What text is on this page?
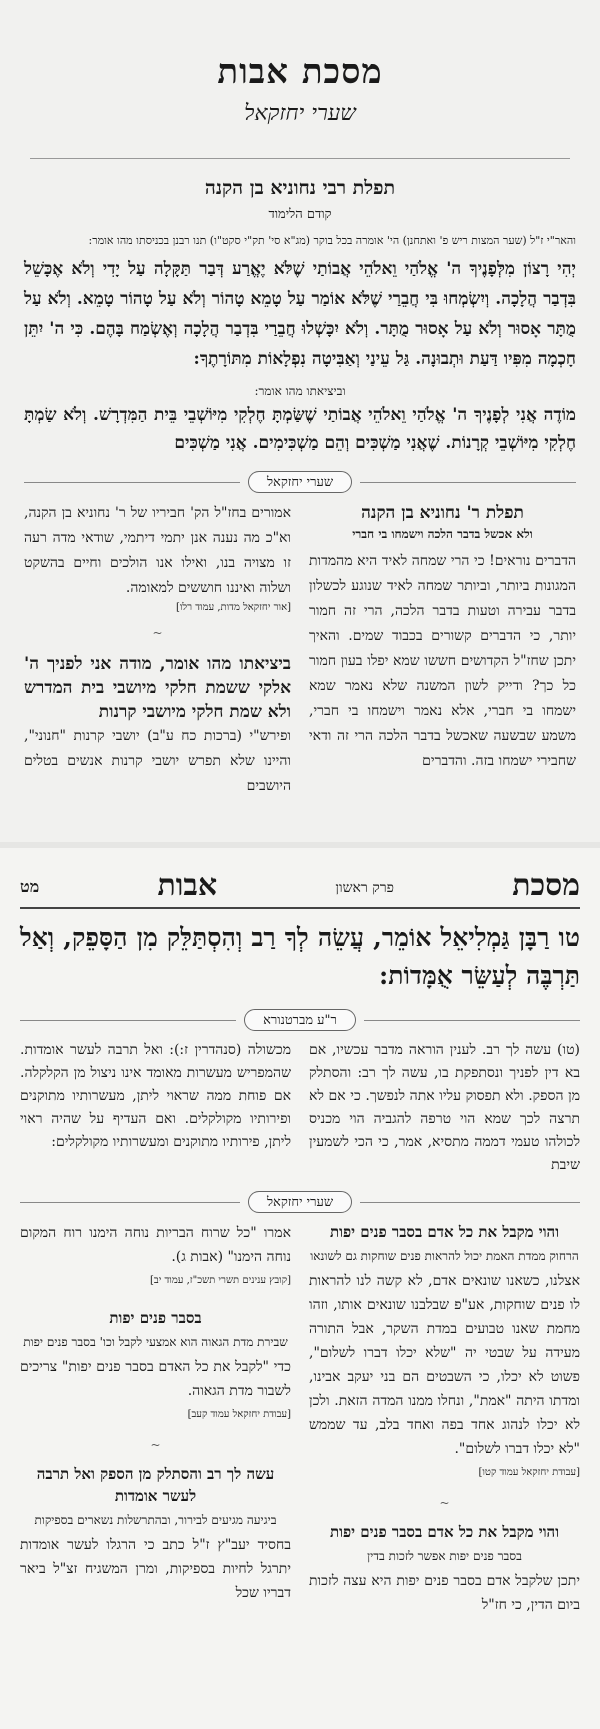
מסכת אבות
שערי יחזקאל
תפלת רבי נחוניא בן הקנה
קודם הלימוד
והאר"י ז"ל (שער המצות ריש פ' ואתחנן) הי' אומרה בכל בוקר (מג"א סי' תק"י סקט"ו) תנו רבנן בכניסתו מהו אומר:
יְהִי רָצוֹן מִלְּפָנֶיךָ ה' אֱלֹהַי וֵאלֹהֵי אֲבוֹתַי שֶׁלֹּא יֶאֱרַע דְּבַר תַּקָּלָה עַל יָדִי וְלֹא אֶכָּשֵׁל בִּדְבַר הֲלָכָה. וְיִשְׂמְחוּ בִּי חֲבֵרַי שֶׁלֹּא אוֹמַר עַל טָמֵא טָהוֹר וְלֹא עַל טָהוֹר טָמֵא. וְלֹא עַל מֻתָּר אָסוּר וְלֹא עַל אָסוּר מֻתָּר. וְלֹא יִכָּשְׁלוּ חֲבֵרַי בִּדְבַר הֲלָכָה וְאֶשְׂמַח בָּהֶם. כִּי ה' יִתֵּן חָכְמָה מִפִּיו דַּעַת וּתְבוּנָה. גַּל עֵינַי וְאַבִּיטָה נִפְלָאוֹת מִתּוֹרָתֶךָ:
וביציאתו מהו אומר:
מוֹדֶה אֲנִי לְפָנֶיךָ ה' אֱלֹהַי וֵאלֹהֵי אֲבוֹתַי שֶׁשַּׂמְתָּ חֶלְקִי מִיּוֹשְׁבֵי בֵּית הַמִּדְרָשׁ. וְלֹא שַׂמְתָּ חֶלְקִי מִיּוֹשְׁבֵי קְרָנוֹת. שֶׁאֲנִי מַשְׁכִּים וְהֵם מַשְׁכִּימִים. אֲנִי מַשְׁכִּים
שערי יחזקאל
תפלת ר' נחוניא בן הקנה
ולא אכשל בדבר הלכה וישמחו בי חברי
הדברים נוראים! כי הרי שמחה לאיד היא מהמדות המגונות ביותר, וביותר שמחה לאיד שנוגע לכשלון בדבר עבירה וטעות בדבר הלכה, הרי זה חמור יותר, כי הדברים קשורים בכבוד שמים. והאיך יתכן שחז"ל הקדושים חששו שמא יפלו בעון חמור כל כך? ודייק לשון המשנה שלא נאמר שמא ישמחו בי חברי, אלא נאמר וישמחו בי חברי, משמע שבשעה שאכשל בדבר הלכה הרי זה ודאי שחבירי ישמחו בזה. והדברים
אמורים בחז"ל הק' חביריו של ר' נחוניא בן הקנה, וא"כ מה נענה אנן יתמי דיתמי, שודאי מדה רעה זו מצויה בנו, ואילו אנו הולכים וחיים בהשקט ושלוה ואיננו חוששים למאומה.
[אור יחזקאל מדות, עמוד רלו]
~
ביציאתו מהו אומר, מודה אני לפניך ה' אלקי ששמת חלקי מיושבי בית המדרש ולא שמת חלקי מיושבי קרנות
ופירש"י (ברכות כח ע"ב) יושבי קרנות "חנוני", והיינו שלא תפרש יושבי קרנות אנשים בטלים היושבים
מסכת
פרק ראשון
אבות
מט
טו רַבָּן גַּמְלִיאֵל אוֹמֵר, עֲשֵׂה לְךָ רַב וְהִסְתַּלֵּק מִן הַסָּפֵק, וְאַל תַּרְבֶּה לְעַשֵּׂר אֻמָּדוֹת:
ר"ע מברטנורא
(טו) עשה לך רב. לענין הוראה מדבר עכשיו, אם בא דין לפניך ונסתפקת בו, עשה לך רב: והסתלק מן הספק. ולא תפסוק עליו אתה לנפשך. כי אם לא תרצה לכך שמא הוי טרפה להגביה הוי מכניס לכולהו טעמי דממה מתסיא, אמר, כי הכי לשמעין שיבת
מכשולה (סנהדרין ז:): ואל תרבה לעשר אומדות. שהמפריש מעשרות מאומד אינו ניצול מן הקלקלה. אם פוחת ממה שראוי ליתן, מעשרותיו מתוקנים ופירותיו מקולקלים. ואם העדיף על שהיה ראוי ליתן, פירותיו מתוקנים ומעשרותיו מקולקלים:
שערי יחזקאל
והוי מקבל את כל אדם בסבר פנים יפות
הרחוק ממדת האמת יכול להראות פנים שוחקות גם לשונאו
אצלנו, כשאנו שונאים אדם, לא קשה לנו להראות לו פנים שוחקות, אע"פ שבלבנו שונאים אותו, וזהו מחמת שאנו טבועים במדת השקר, אבל התורה מעידה על שבטי יה "שלא יכלו דברו לשלום", פשוט לא יכלו, כי השבטים הם בני יעקב אבינו, ומדתו היתה "אמת", ונחלו ממנו המדה הזאת. ולכן לא יכלו לנהוג אחד בפה ואחד בלב, עד שממש "לא יכלו דברו לשלום".
[עבודת יחזקאל עמוד קטו]
~
והוי מקבל את כל אדם בסבר פנים יפות
בסבר פנים יפות אפשר לזכות בדין
יתכן שלקבל אדם בסבר פנים יפות היא עצה לזכות ביום הדין, כי חז"ל
אמרו "כל שרוח הבריות נוחה הימנו רוח המקום נוחה הימנו" (אבות ג).
[קובץ ענינים תשרי תשכ"ז, עמוד יב]
בסבר פנים יפות
שבירת מדת הגאוה הוא אמצעי לקבל וכו' בסבר פנים יפות
כדי "לקבל את כל האדם בסבר פנים יפות" צריכים לשבור מדת הגאוה.
[עבודת יחזקאל עמוד קעב]
~
עשה לך רב והסתלק מן הספק ואל תרבה לעשר אומדות
ביגיעה מגיעים לבירור, ובהתרשלות נשארים בספיקות
בחסיד יעב"ץ ז"ל כתב כי הרגלו לעשר אומדות יתרגל לחיות בספיקות, ומרן המשגיח זצ"ל ביאר דבריו שכל
